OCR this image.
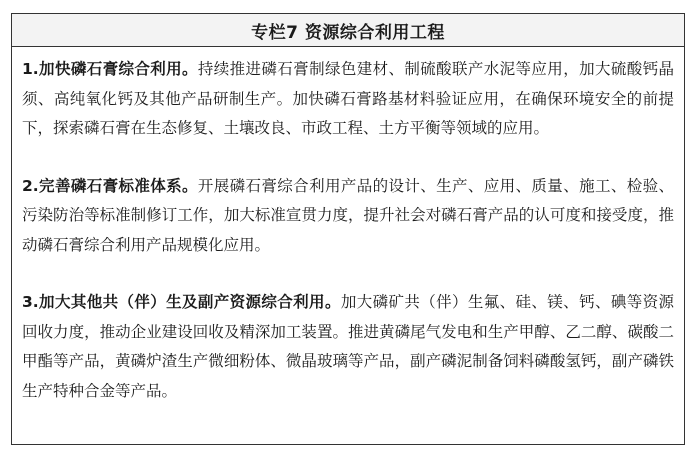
专栏7 资源综合利用工程

1.加快磷石膏综合利用。持续推进磷石膏制绿色建材、制硫酸联产水泥等应用，加大硫酸钙晶须、高纯氧化钙及其他产品研制生产。加快磷石膏路基材料验证应用，在确保环境安全的前提下，探索磷石膏在生态修复、土壤改良、市政工程、土方平衡等领域的应用。

2.完善磷石膏标准体系。开展磷石膏综合利用产品的设计、生产、应用、质量、施工、检验、污染防治等标准制修订工作，加大标准宣贯力度，提升社会对磷石膏产品的认可度和接受度，推动磷石膏综合利用产品规模化应用。

3.加大其他共（伴）生及副产资源综合利用。加大磷矿共（伴）生氟、硅、镁、钙、碘等资源回收力度，推动企业建设回收及精深加工装置。推进黄磷尾气发电和生产甲醇、乙二醇、碳酸二甲酯等产品，黄磷炉渣生产微细粉体、微晶玻璃等产品，副产磷泥制备饲料磷酸氢钙，副产磷铁生产特种合金等产品。
